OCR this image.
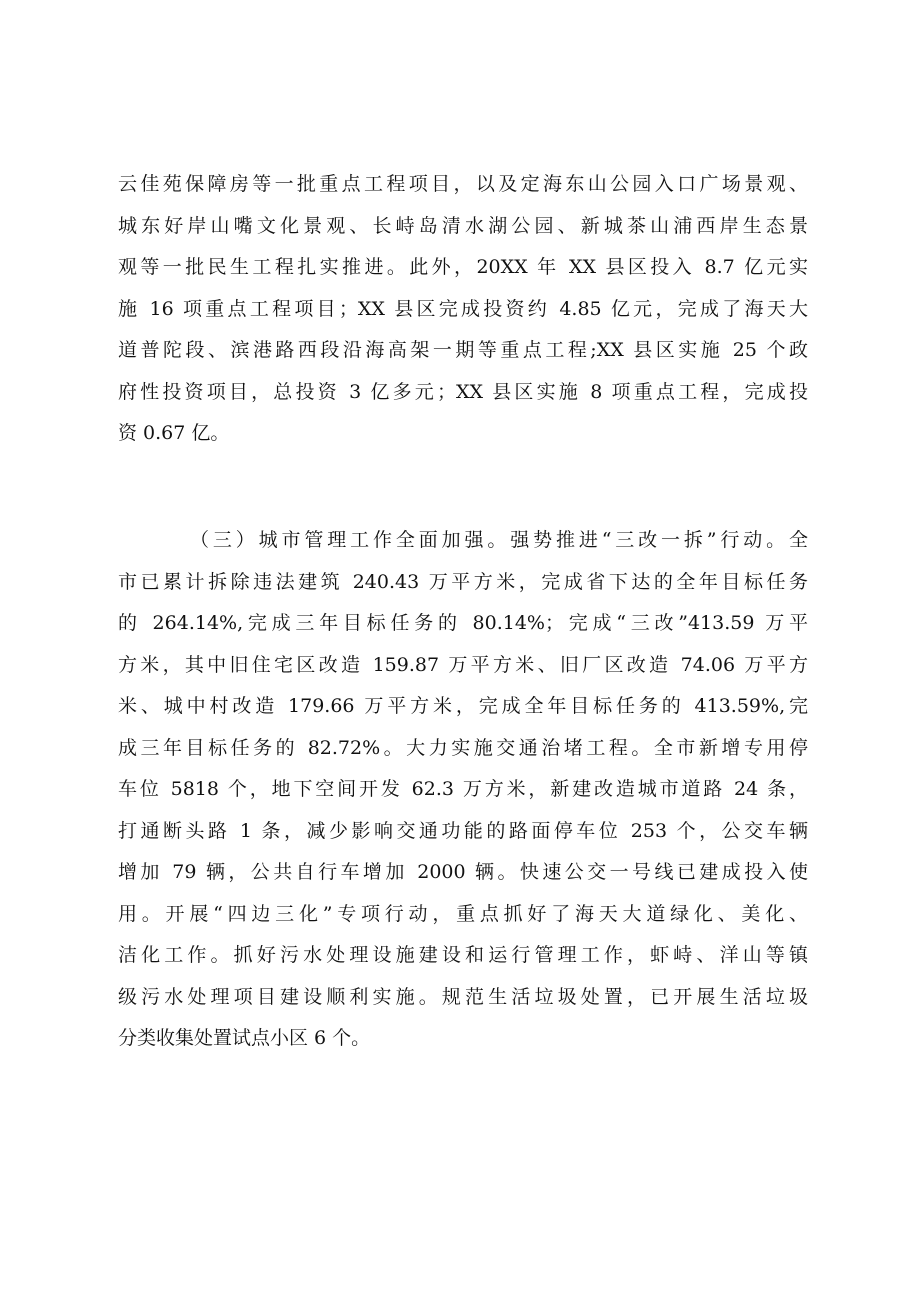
云佳苑保障房等一批重点工程项目，以及定海东山公园入口广场景观、
城东好岸山嘴文化景观、长峙岛清水湖公园、新城茶山浦西岸生态景
观等一批民生工程扎实推进。此外，20XX 年 XX 县区投入 8.7 亿元实
施 16 项重点工程项目；XX 县区完成投资约 4.85 亿元，完成了海天大
道普陀段、滨港路西段沿海高架一期等重点工程;XX 县区实施 25 个政
府性投资项目，总投资 3 亿多元；XX 县区实施 8 项重点工程，完成投
资 0.67 亿。
（三）城市管理工作全面加强。强势推进“三改一拆”行动。全
市已累计拆除违法建筑 240.43 万平方米，完成省下达的全年目标任务
的 264.14%,完成三年目标任务的 80.14%；完成“三改”413.59 万平
方米，其中旧住宅区改造 159.87 万平方米、旧厂区改造 74.06 万平方
米、城中村改造 179.66 万平方米，完成全年目标任务的 413.59%,完
成三年目标任务的 82.72%。大力实施交通治堵工程。全市新增专用停
车位 5818 个，地下空间开发 62.3 万方米，新建改造城市道路 24 条，
打通断头路 1 条，减少影响交通功能的路面停车位 253 个，公交车辆
增加 79 辆，公共自行车增加 2000 辆。快速公交一号线已建成投入使
用。开展“四边三化”专项行动，重点抓好了海天大道绿化、美化、
洁化工作。抓好污水处理设施建设和运行管理工作，虾峙、洋山等镇
级污水处理项目建设顺利实施。规范生活垃圾处置，已开展生活垃圾
分类收集处置试点小区 6 个。
